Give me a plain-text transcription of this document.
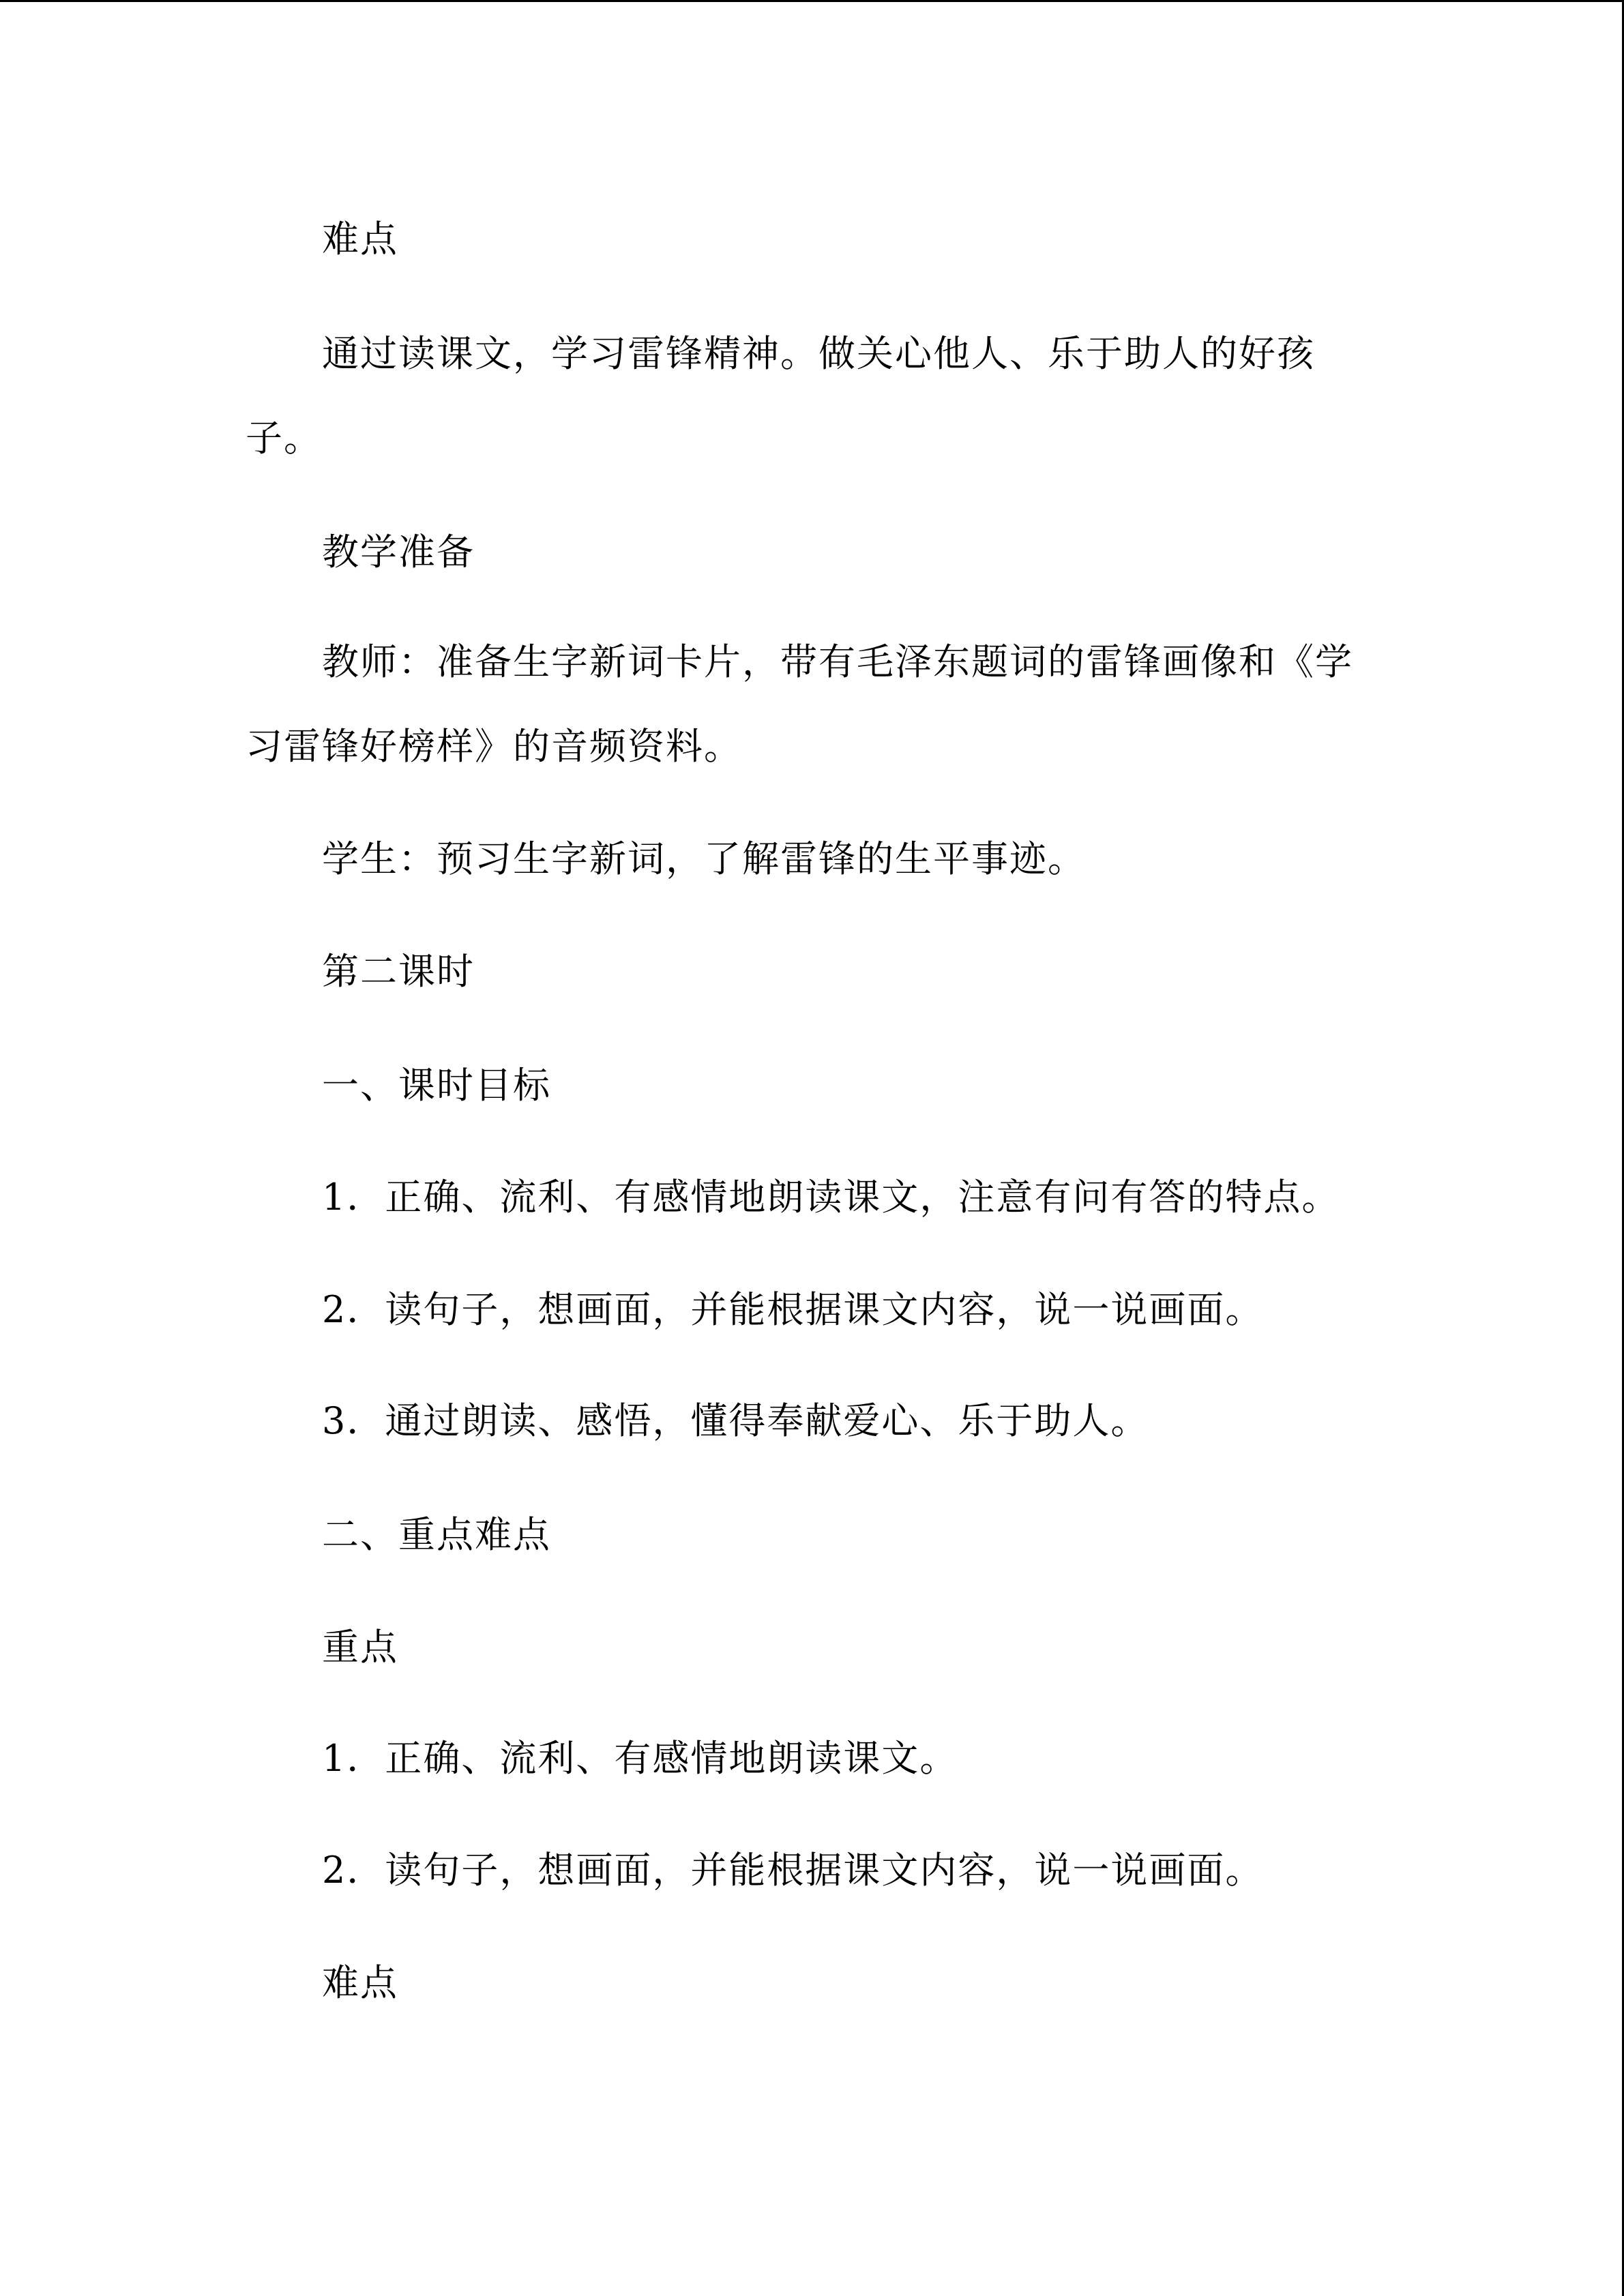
难点
通过读课文，学习雷锋精神。做关心他人、乐于助人的好孩
子。
教学准备
教师：准备生字新词卡片，带有毛泽东题词的雷锋画像和《学
习雷锋好榜样》的音频资料。
学生：预习生字新词，了解雷锋的生平事迹。
第二课时
一、课时目标
1．正确、流利、有感情地朗读课文，注意有问有答的特点。
2．读句子，想画面，并能根据课文内容，说一说画面。
3．通过朗读、感悟，懂得奉献爱心、乐于助人。
二、重点难点
重点
1．正确、流利、有感情地朗读课文。
2．读句子，想画面，并能根据课文内容，说一说画面。
难点
